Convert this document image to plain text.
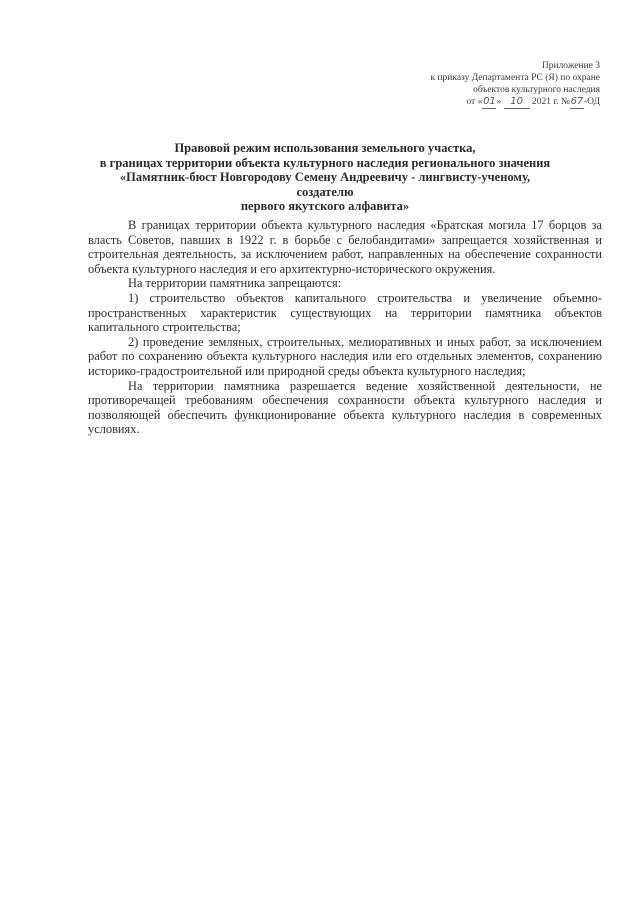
Приложение 3
к приказу Департамента РС (Я) по охране
объектов культурного наследия
от «01» 10 2021 г. №67-ОД
Правовой режим использования земельного участка,
в границах территории объекта культурного наследия регионального значения
«Памятник-бюст Новгородову Семену Андреевичу - лингвисту-ученому, создателю
первого якутского алфавита»

В границах территории объекта культурного наследия «Братская могила 17 борцов за власть Советов, павших в 1922 г. в борьбе с белобандитами» запрещается хозяйственная и строительная деятельность, за исключением работ, направленных на обеспечение сохранности объекта культурного наследия и его архитектурно-исторического окружения.

На территории памятника запрещаются:

1) строительство объектов капитального строительства и увеличение объемно-пространственных характеристик существующих на территории памятника объектов капитального строительства;

2) проведение земляных, строительных, мелиоративных и иных работ, за исключением работ по сохранению объекта культурного наследия или его отдельных элементов, сохранению историко-градостроительной или природной среды объекта культурного наследия;

На территории памятника разрешается ведение хозяйственной деятельности, не противоречащей требованиям обеспечения сохранности объекта культурного наследия и позволяющей обеспечить функционирование объекта культурного наследия в современных условиях.
